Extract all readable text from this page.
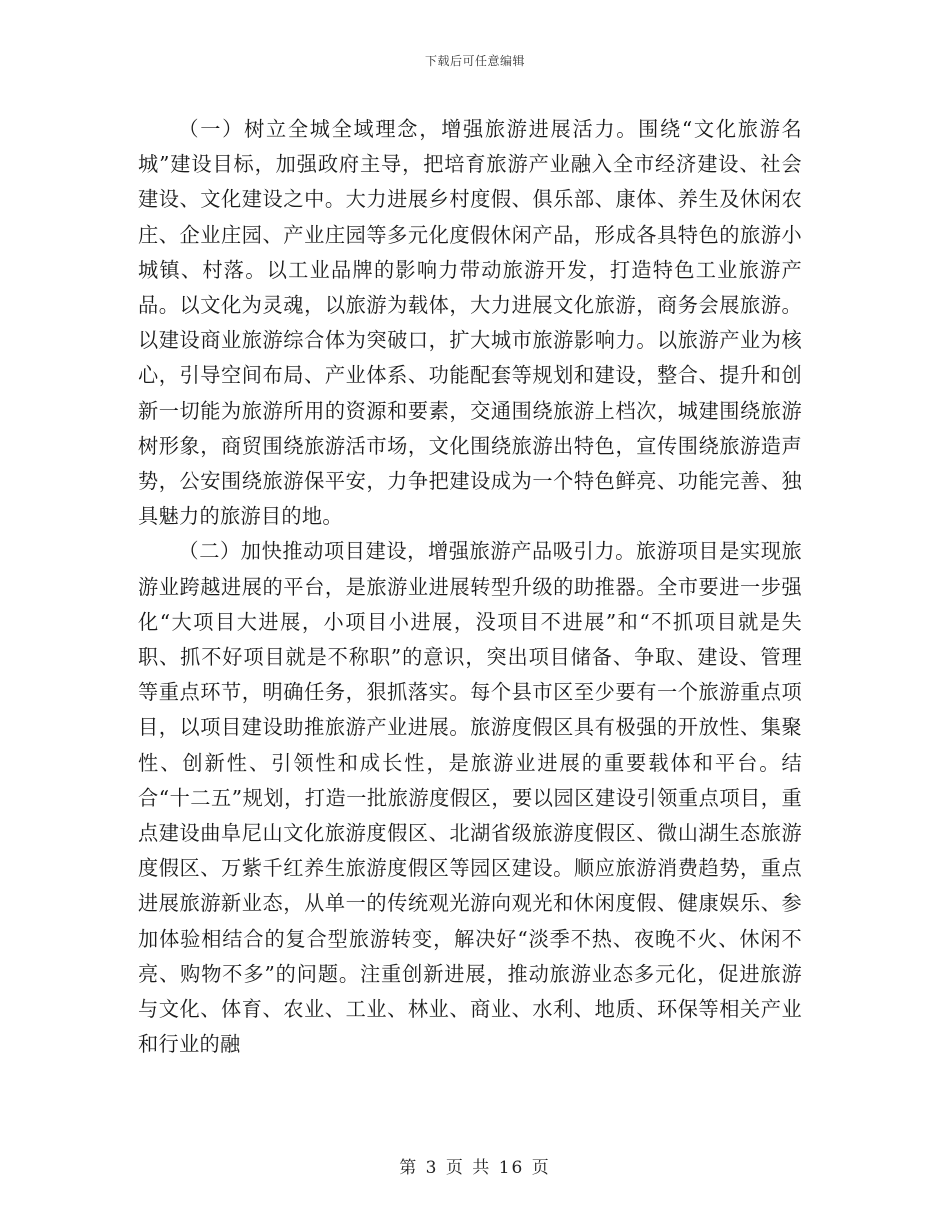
下载后可任意编辑

（一）树立全城全域理念，增强旅游进展活力。围绕“文化旅游名城”建设目标，加强政府主导，把培育旅游产业融入全市经济建设、社会建设、文化建设之中。大力进展乡村度假、俱乐部、康体、养生及休闲农庄、企业庄园、产业庄园等多元化度假休闲产品，形成各具特色的旅游小城镇、村落。以工业品牌的影响力带动旅游开发，打造特色工业旅游产品。以文化为灵魂，以旅游为载体，大力进展文化旅游，商务会展旅游。以建设商业旅游综合体为突破口，扩大城市旅游影响力。以旅游产业为核心，引导空间布局、产业体系、功能配套等规划和建设，整合、提升和创新一切能为旅游所用的资源和要素，交通围绕旅游上档次，城建围绕旅游树形象，商贸围绕旅游活市场，文化围绕旅游出特色，宣传围绕旅游造声势，公安围绕旅游保平安，力争把建设成为一个特色鲜亮、功能完善、独具魅力的旅游目的地。

（二）加快推动项目建设，增强旅游产品吸引力。旅游项目是实现旅游业跨越进展的平台，是旅游业进展转型升级的助推器。全市要进一步强化“大项目大进展，小项目小进展，没项目不进展”和“不抓项目就是失职、抓不好项目就是不称职”的意识，突出项目储备、争取、建设、管理等重点环节，明确任务，狠抓落实。每个县市区至少要有一个旅游重点项目，以项目建设助推旅游产业进展。旅游度假区具有极强的开放性、集聚性、创新性、引领性和成长性，是旅游业进展的重要载体和平台。结合“十二五”规划，打造一批旅游度假区，要以园区建设引领重点项目，重点建设曲阜尼山文化旅游度假区、北湖省级旅游度假区、微山湖生态旅游度假区、万紫千红养生旅游度假区等园区建设。顺应旅游消费趋势，重点进展旅游新业态，从单一的传统观光游向观光和休闲度假、健康娱乐、参加体验相结合的复合型旅游转变，解决好“淡季不热、夜晚不火、休闲不亮、购物不多”的问题。注重创新进展，推动旅游业态多元化，促进旅游与文化、体育、农业、工业、林业、商业、水利、地质、环保等相关产业和行业的融

第 3 页 共 16 页
